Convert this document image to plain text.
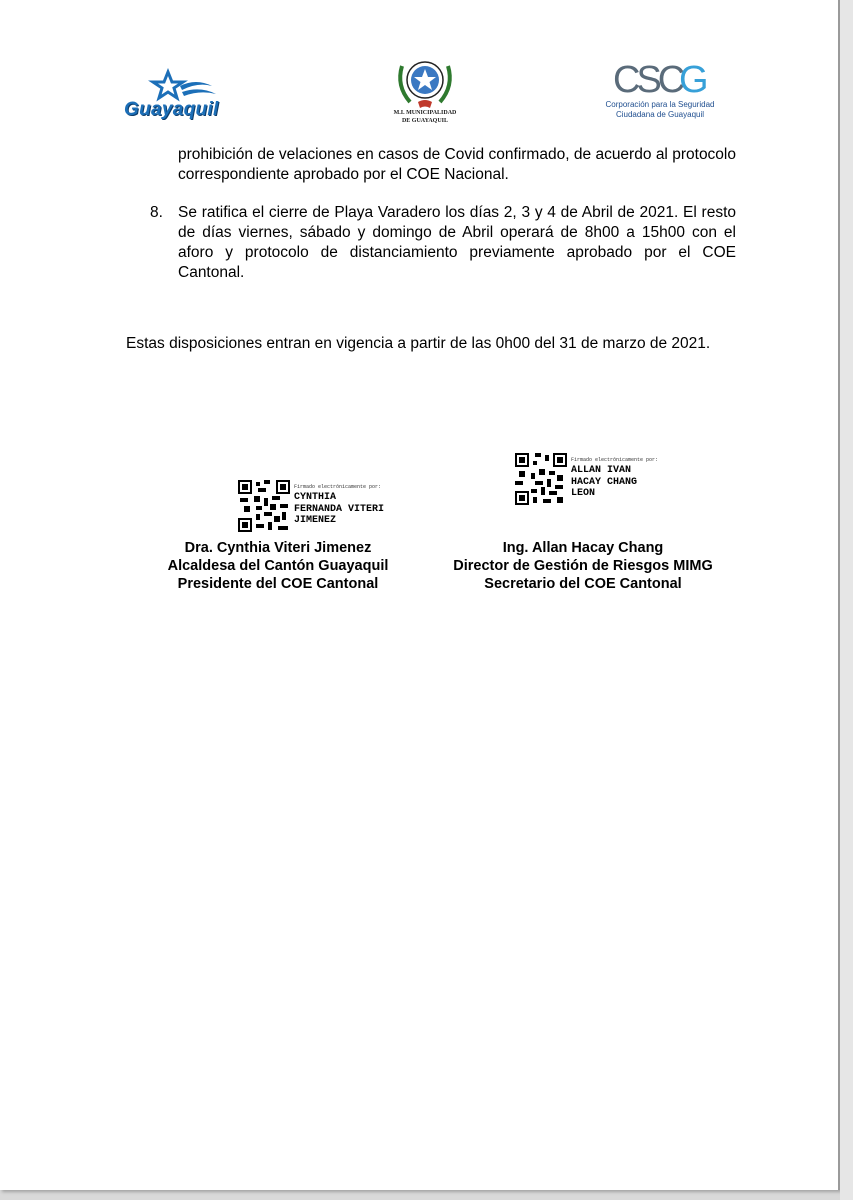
Guayaquil	M.I. MUNICIPALIDAD
DE GUAYAQUIL
CSC
G
Corporación para la Seguridad
Ciudadana de Guayaquil
prohibición de velaciones en casos de Covid confirmado, de acuerdo al protocolo correspondiente aprobado por el COE Nacional.
8. Se ratifica el cierre de Playa Varadero los días 2, 3 y 4 de Abril de 2021. El resto de días viernes, sábado y domingo de Abril operará de 8h00 a 15h00 con el aforo y protocolo de distanciamiento previamente aprobado por el COE Cantonal.
Estas disposiciones entran en vigencia a partir de las 0h00 del 31 de marzo de 2021.
Firmado electrónicamente por:
CYNTHIA
FERNANDA VITERI
JIMENEZ
Firmado electrónicamente por:
ALLAN IVAN
HACAY CHANG
LEON
Dra. Cynthia Viteri Jimenez
Alcaldesa del Cantón Guayaquil
Presidente del COE Cantonal
Ing. Allan Hacay Chang
Director de Gestión de Riesgos MIMG
Secretario del COE Cantonal
